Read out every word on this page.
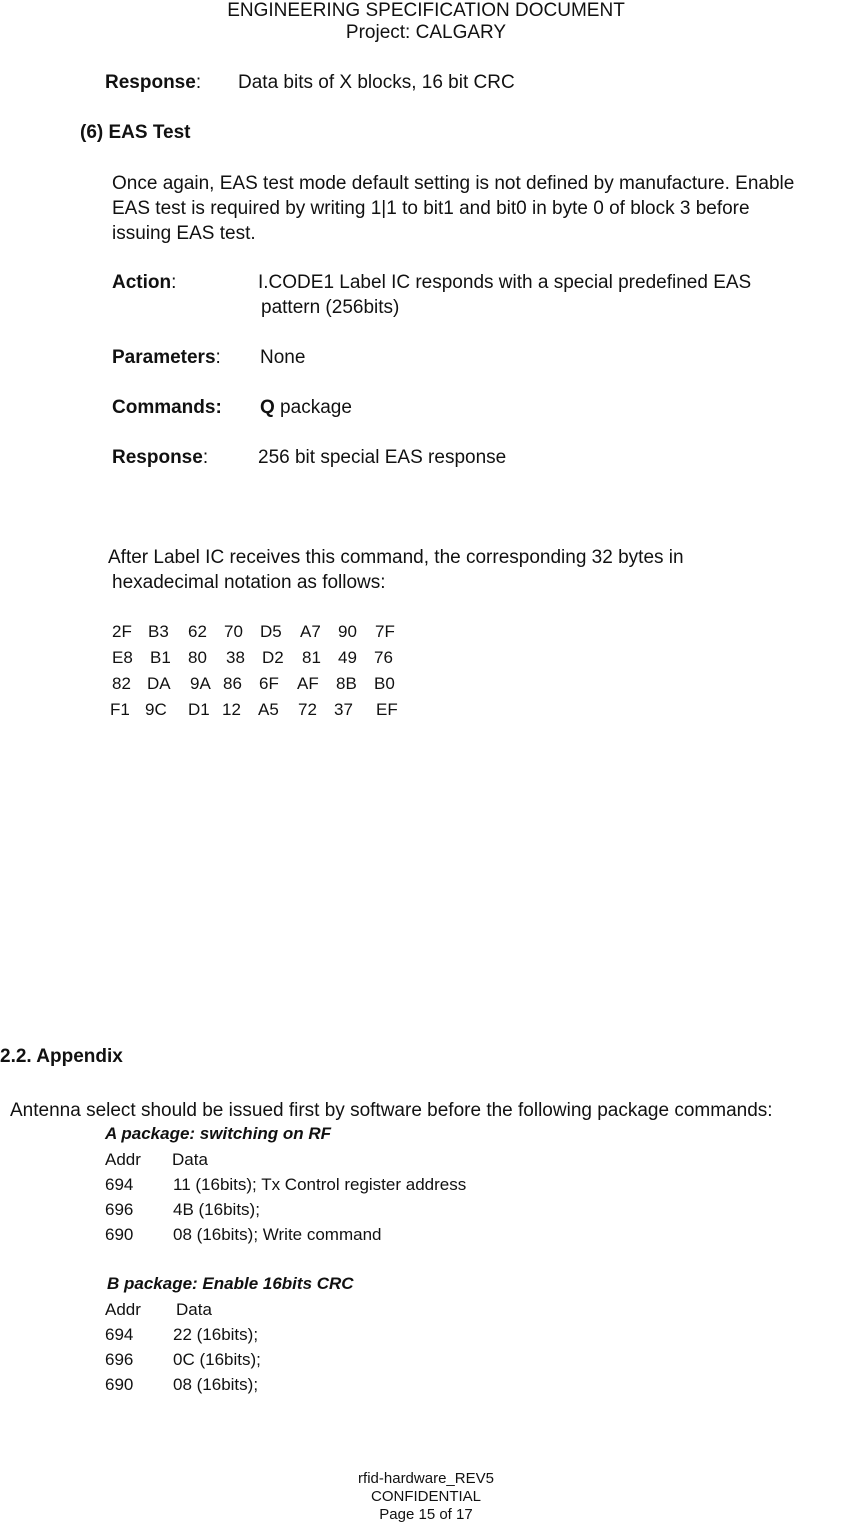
ENGINEERING SPECIFICATION DOCUMENT
Project: CALGARY
Response: Data bits of X blocks, 16 bit CRC
(6) EAS Test
Once again, EAS test mode default setting is not defined by manufacture. Enable
EAS test is required by writing 1|1 to bit1 and bit0 in byte 0 of block 3 before
issuing EAS test.
Action:	I.CODE1 Label IC responds with a special predefined EAS
pattern (256bits)
Parameters: None
Commands: Q package
Response:	256 bit special EAS response
After Label IC receives this command, the corresponding 32 bytes in
hexadecimal notation as follows:
2F B3 62 70 D5 A7 90 7F
E8 B1 80 38 D2 81 49 76
82 DA 9A 86 6F AF 8B B0
F1 9C D1 12 A5 72 37 EF
2.2. Appendix
Antenna select should be issued first by software before the following package commands:
A package: switching on RF
Addr Data
694 11 (16bits); Tx Control register address
696 4B (16bits);
690 08 (16bits); Write command
B package: Enable 16bits CRC
Addr Data
694 22 (16bits);
696 0C (16bits);
690 08 (16bits);
rfid-hardware_REV5
CONFIDENTIAL
Page 15 of 17
